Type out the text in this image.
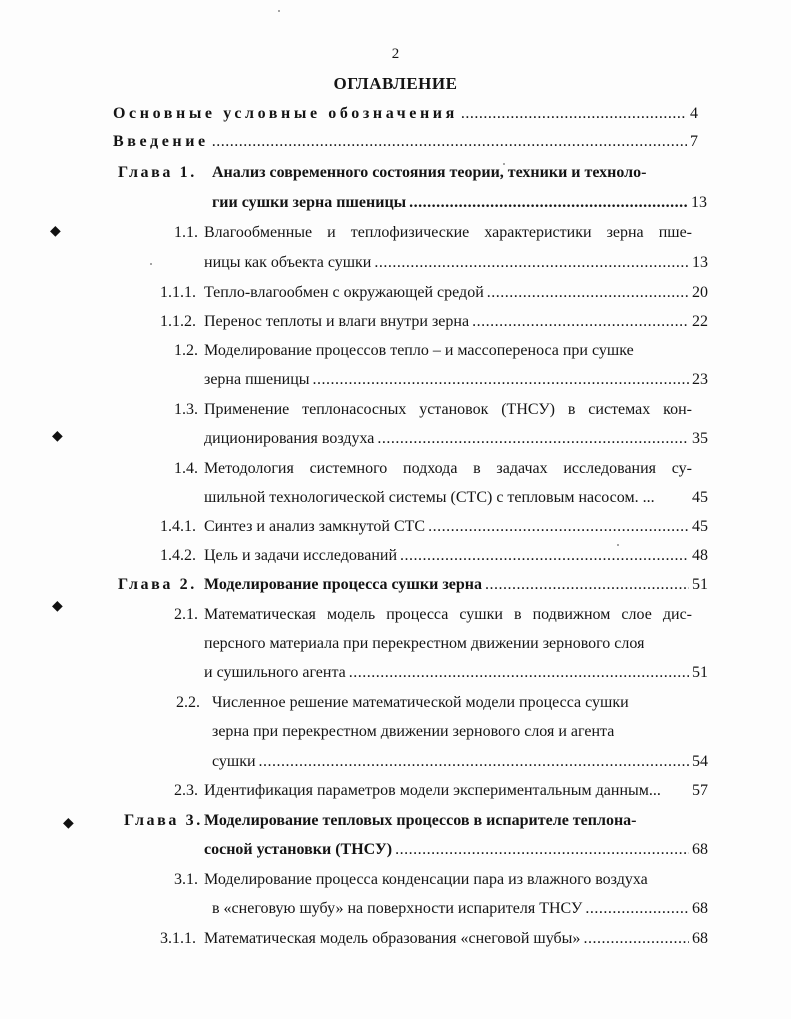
◆
◆
◆
◆
2
ОГЛАВЛЕНИЕ
Основные условные обозначения .....	4
Введение .....	7
Глава 1. Анализ современного состояния теории, техники и техноло-
гии сушки зерна пшеницы .....	13
1.1. Влагообменные и теплофизические характеристики зерна пше-
ницы как объекта сушки .....	13
1.1.1. Тепло-влагообмен с окружающей средой .....	20
1.1.2. Перенос теплоты и влаги внутри зерна .....	22
1.2. Моделирование процессов тепло – и массопереноса при сушке
зерна пшеницы .....	23
1.3. Применение теплонасосных установок (ТНСУ) в системах кон-
диционирования воздуха .....	35
1.4. Методология системного подхода в задачах исследования су-
шильной технологической системы (СТС) с тепловым насосом. ...	45
1.4.1. Синтез и анализ замкнутой СТС .....	45
1.4.2. Цель и задачи исследований .....	48
Глава 2. Моделирование процесса сушки зерна .....	51
2.1. Математическая модель процесса сушки в подвижном слое дис-
персного материала при перекрестном движении зернового слоя
и сушильного агента .....	51
2.2. Численное решение математической модели процесса сушки
зерна при перекрестном движении зернового слоя и агента
сушки .....	54
2.3. Идентификация параметров модели экспериментальным данным...	57
Глава 3. Моделирование тепловых процессов в испарителе теплона-
сосной установки (ТНСУ) .....	68
3.1. Моделирование процесса конденсации пара из влажного воздуха
в «снеговую шубу» на поверхности испарителя ТНСУ .....	68
3.1.1. Математическая модель образования «снеговой шубы» .....	68
